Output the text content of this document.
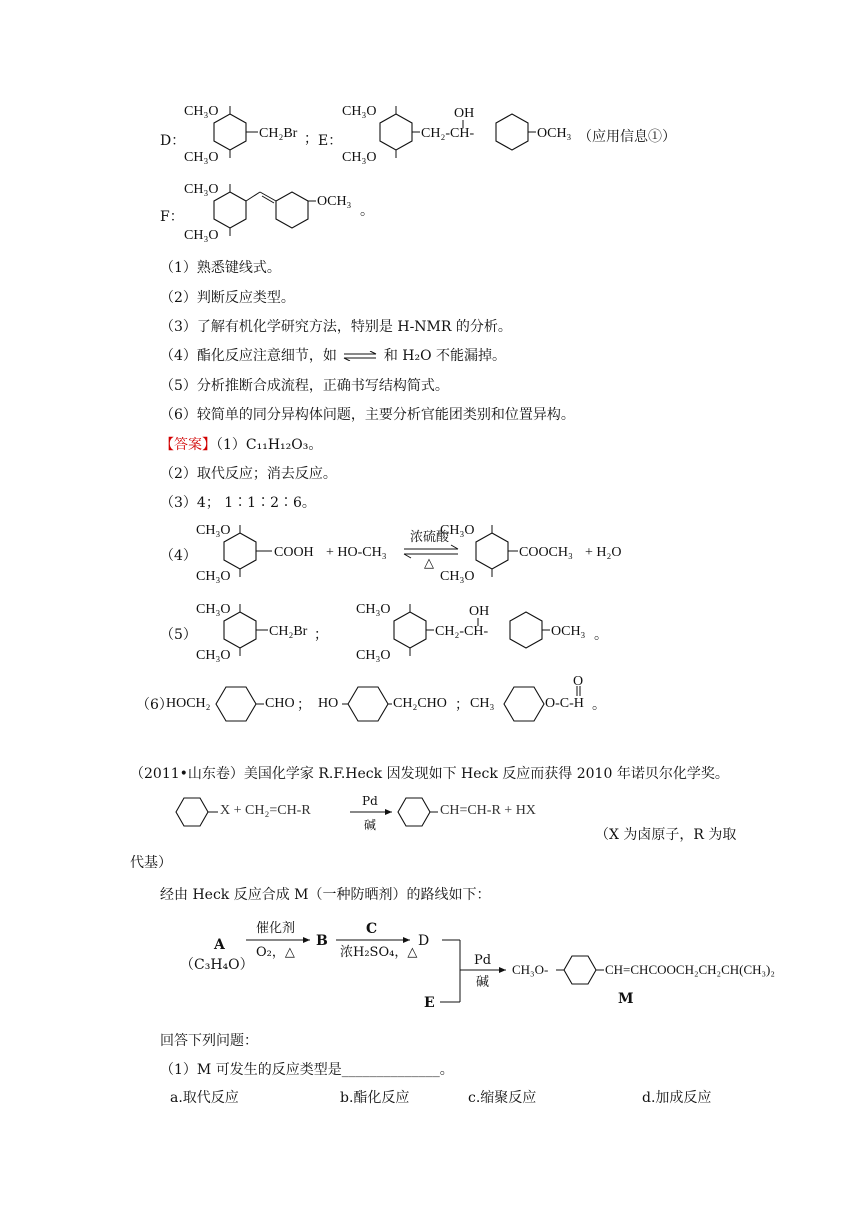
D：
CH₃O
CH₃O
CH₂Br ； E：
CH₃O
CH₃O
OH
CH₂-CH-	OCH₃ （应用信息①）
F：
CH₃O
CH₃O
OCH₃
。
（1）熟悉键线式。
（2）判断反应类型。
（3）了解有机化学研究方法，特别是 H-NMR 的分析。
（4）酯化反应注意细节，如 ⇌ 和 H₂O 不能漏掉。
（5）分析推断合成流程，正确书写结构简式。
（6）较简单的同分异构体问题，主要分析官能团类别和位置异构。
【答案】（1）C₁₁H₁₂O₃。
（2）取代反应；消去反应。
（3）4； 1∶1∶2∶6。
（4）
CH₃O
CH₃O
COOH + HO-CH₃
浓硫酸
△
CH₃O
CH₃O
COOCH₃ + H₂O
（5）
CH₃O
CH₃O
CH₂Br ；
CH₃O
CH₃O
OH
CH₂-CH-	OCH₃ 。
（6）
HOCH₂	CHO ； HO	CH₂CHO ； CH₃
O
O-C-H 。
（2011•山东卷）美国化学家 R.F.Heck 因发现如下 Heck 反应而获得 2010 年诺贝尔化学奖。
X + CH₂=CH-R
Pd
碱
CH=CH-R + HX
（X 为卤原子，R 为取
代基）
经由 Heck 反应合成 M（一种防晒剂）的路线如下：
A
（C₃H₄O）
催化剂
O₂，△
B
C
浓H₂SO₄，△
D
E
Pd
碱
CH₃O-	CH=CHCOOCH₂CH₂CH(CH₃)₂
M
回答下列问题：
（1）M 可发生的反应类型是______________。
a.取代反应	b.酯化反应	c.缩聚反应	d.加成反应
